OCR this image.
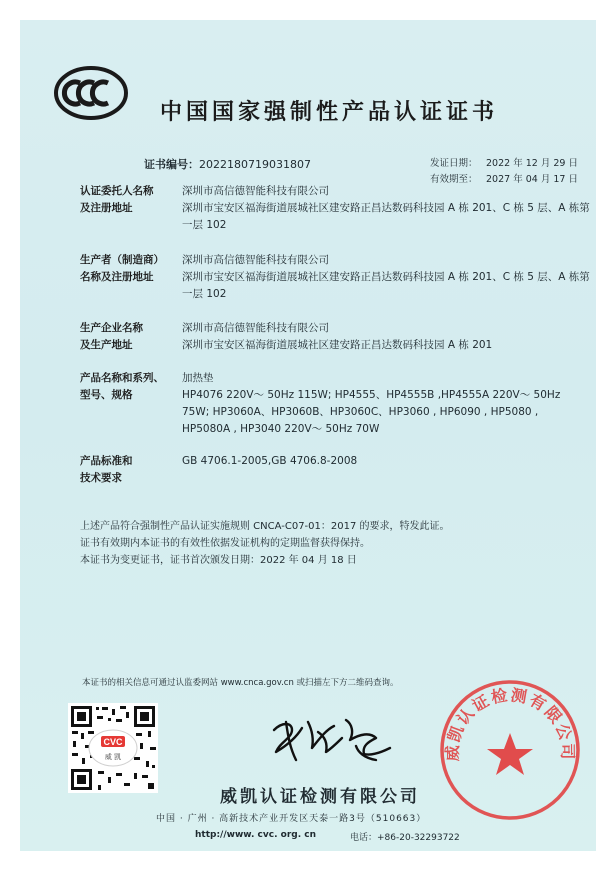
中国国家强制性产品认证证书
证书编号：2022180719031807	发证日期： 2022 年 12 月 29 日
有效期至： 2027 年 04 月 17 日
认证委托人名称
及注册地址
深圳市高信德智能科技有限公司
深圳市宝安区福海街道展城社区建安路正昌达数码科技园 A 栋 201、C 栋 5 层、A 栋第一层 102
生产者（制造商）
名称及注册地址
深圳市高信德智能科技有限公司
深圳市宝安区福海街道展城社区建安路正昌达数码科技园 A 栋 201、C 栋 5 层、A 栋第一层 102
生产企业名称
及生产地址
深圳市高信德智能科技有限公司
深圳市宝安区福海街道展城社区建安路正昌达数码科技园 A 栋 201
产品名称和系列、
型号、规格
加热垫
HP4076 220V～ 50Hz 115W; HP4555、HP4555B ,HP4555A 220V～ 50Hz 75W; HP3060A、HP3060B、HP3060C、HP3060 , HP6090 , HP5080 , HP5080A , HP3040 220V～ 50Hz 70W
产品标准和
技术要求
GB 4706.1-2005,GB 4706.8-2008
上述产品符合强制性产品认证实施规则 CNCA-C07-01：2017 的要求，特发此证。
证书有效期内本证书的有效性依据发证机构的定期监督获得保持。
本证书为变更证书，证书首次颁发日期：2022 年 04 月 18 日
本证书的相关信息可通过认监委网站 www.cnca.gov.cn 或扫描左下方二维码查询。
CVC
威 凯
威凯认证检测有限公司
中国 · 广州 · 高新技术产业开发区天泰一路3号（510663）
http://www. cvc. org. cn	电话：+86-20-32293722
威凯认证检测有限公司
